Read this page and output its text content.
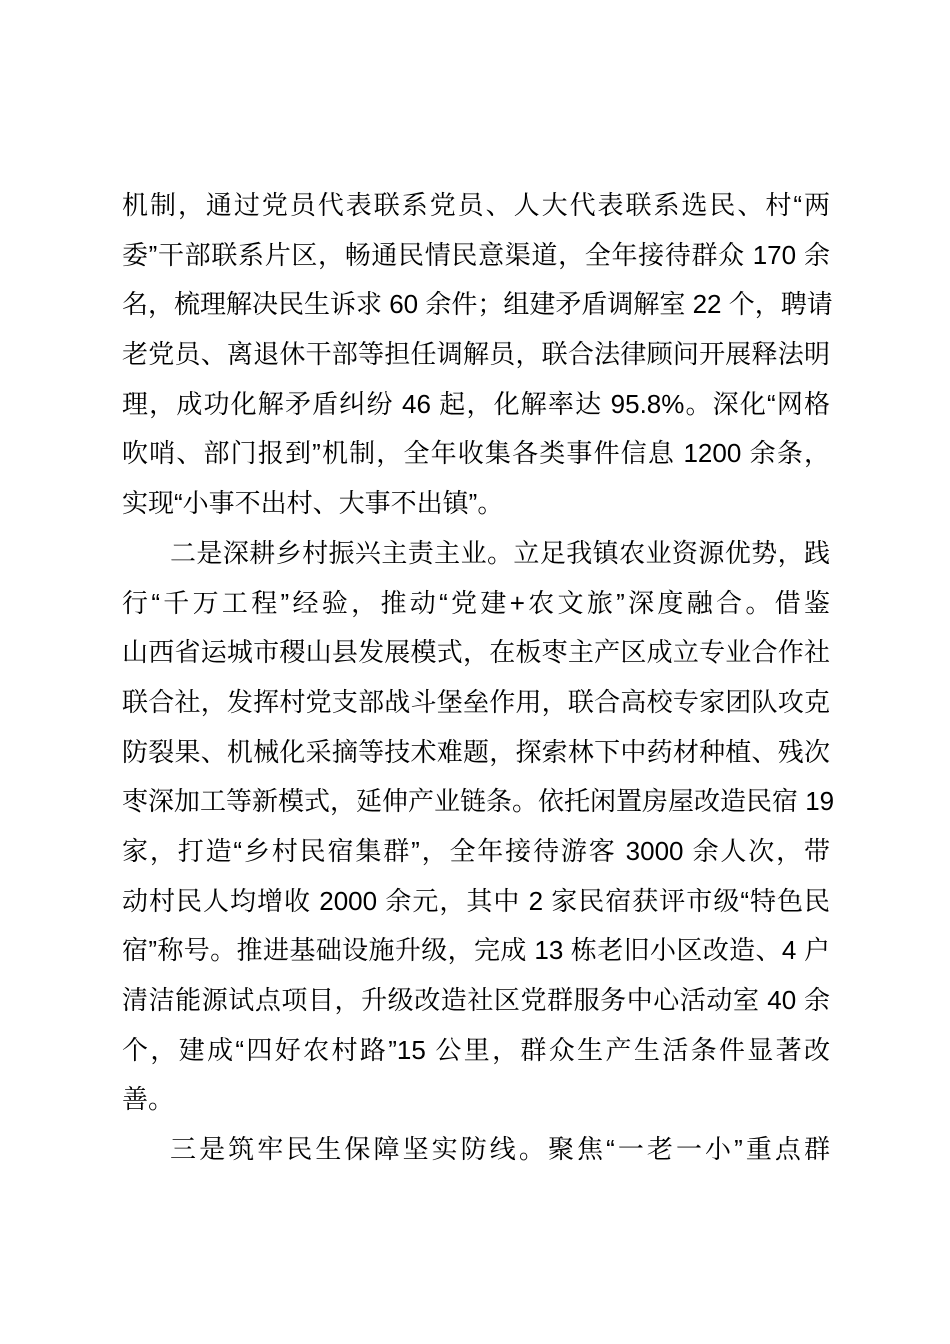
机制，通过党员代表联系党员、人大代表联系选民、村“两
委”干部联系片区，畅通民情民意渠道，全年接待群众 170 余
名，梳理解决民生诉求 60 余件；组建矛盾调解室 22 个，聘请
老党员、离退休干部等担任调解员，联合法律顾问开展释法明
理，成功化解矛盾纠纷 46 起，化解率达 95.8%。深化“网格
吹哨、部门报到”机制，全年收集各类事件信息 1200 余条，
实现“小事不出村、大事不出镇”。
二是深耕乡村振兴主责主业。立足我镇农业资源优势，践
行“千万工程”经验，推动“党建+农文旅”深度融合。借鉴
山西省运城市稷山县发展模式，在板枣主产区成立专业合作社
联合社，发挥村党支部战斗堡垒作用，联合高校专家团队攻克
防裂果、机械化采摘等技术难题，探索林下中药材种植、残次
枣深加工等新模式，延伸产业链条。依托闲置房屋改造民宿 19
家，打造“乡村民宿集群”，全年接待游客 3000 余人次，带
动村民人均增收 2000 余元，其中 2 家民宿获评市级“特色民
宿”称号。推进基础设施升级，完成 13 栋老旧小区改造、4 户
清洁能源试点项目，升级改造社区党群服务中心活动室 40 余
个，建成“四好农村路”15 公里，群众生产生活条件显著改
善。
三是筑牢民生保障坚实防线。聚焦“一老一小”重点群
